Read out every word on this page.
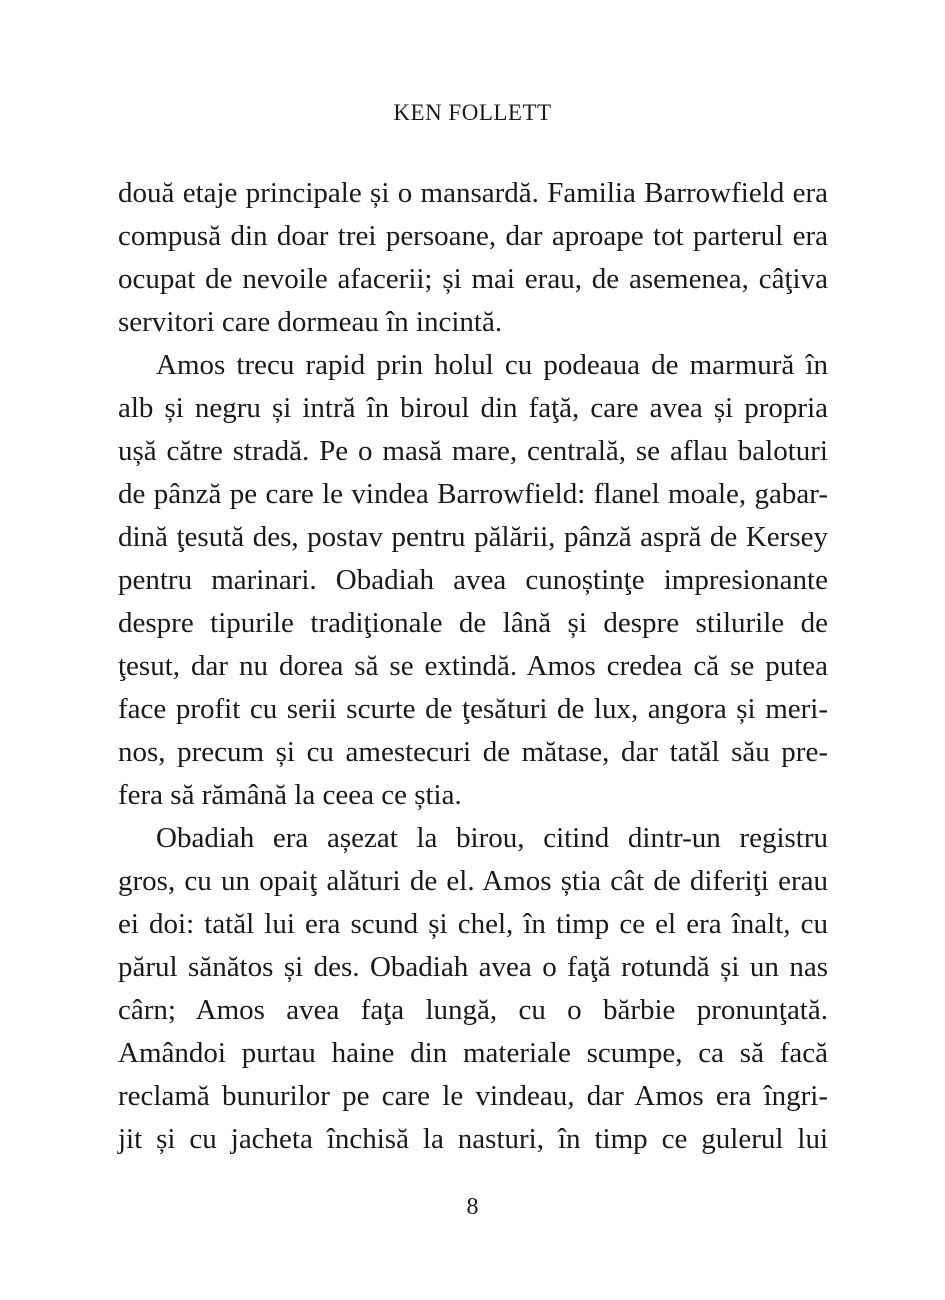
KEN FOLLETT
două etaje principale și o mansardă. Familia Barrowfield era
compusă din doar trei persoane, dar aproape tot parterul era
ocupat de nevoile afacerii; și mai erau, de asemenea, câţiva
servitori care dormeau în incintă.
Amos trecu rapid prin holul cu podeaua de marmură în
alb și negru și intră în biroul din faţă, care avea și propria
ușă către stradă. Pe o masă mare, centrală, se aflau baloturi
de pânză pe care le vindea Barrowfield: flanel moale, gabar-
dină ţesută des, postav pentru pălării, pânză aspră de Kersey
pentru marinari. Obadiah avea cunoștinţe impresionante
despre tipurile tradiţionale de lână și despre stilurile de
ţesut, dar nu dorea să se extindă. Amos credea că se putea
face profit cu serii scurte de ţesături de lux, angora și meri-
nos, precum și cu amestecuri de mătase, dar tatăl său pre-
fera să rămână la ceea ce știa.
Obadiah era așezat la birou, citind dintr-un registru
gros, cu un opaiţ alături de el. Amos știa cât de diferiţi erau
ei doi: tatăl lui era scund și chel, în timp ce el era înalt, cu
părul sănătos și des. Obadiah avea o faţă rotundă și un nas
cârn; Amos avea faţa lungă, cu o bărbie pronunţată.
Amândoi purtau haine din materiale scumpe, ca să facă
reclamă bunurilor pe care le vindeau, dar Amos era îngri-
jit și cu jacheta închisă la nasturi, în timp ce gulerul lui
8
